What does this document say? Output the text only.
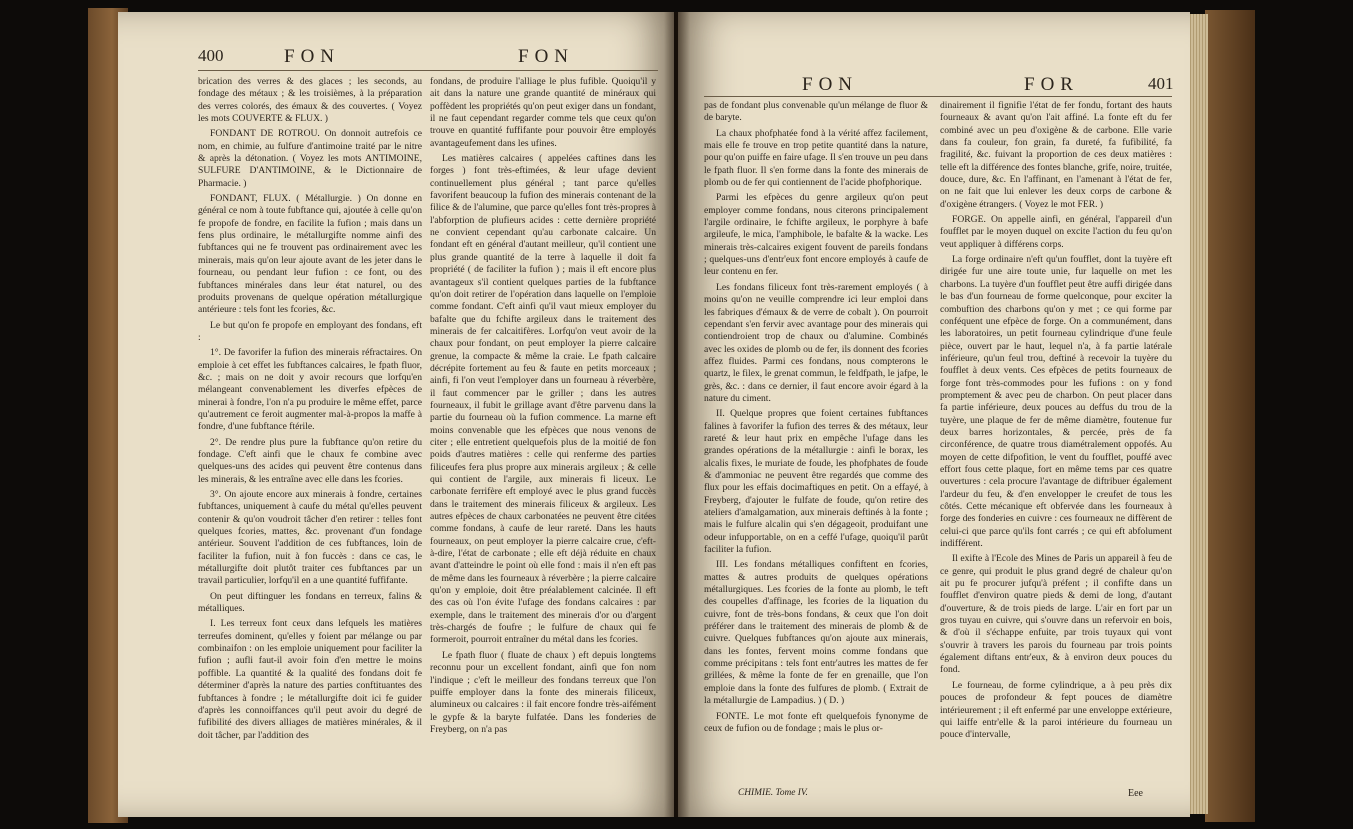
400	FON	FON

brication des verres & des glaces ; les seconds, au fondage des métaux ; & les troisièmes, à la préparation des verres colorés, des émaux & des couvertes. ( Voyez les mots COUVERTE & FLUX. )

FONDANT DE ROTROU. On donnoit autrefois ce nom, en chimie, au fulfure d'antimoine traité par le nitre & après la détonation. ( Voyez les mots ANTIMOINE, SULFURE D'ANTIMOINE, & le Dictionnaire de Pharmacie. )

FONDANT, FLUX. ( Métallurgie. ) On donne en général ce nom à toute fubftance qui, ajoutée à celle qu'on fe propofe de fondre, en facilite la fufion ; mais dans un fens plus ordinaire, le métallurgifte nomme ainfi des fubftances qui ne fe trouvent pas ordinairement avec les minerais, mais qu'on leur ajoute avant de les jeter dans le fourneau, ou pendant leur fufion : ce font, ou des fubftances minérales dans leur état naturel, ou des produits provenans de quelque opération métallurgique antérieure : tels font les fcories, &c.

Le but qu'on fe propofe en employant des fondans, eft :

1°. De favorifer la fufion des minerais réfractaires. On emploie à cet effet les fubftances calcaires, le fpath fluor, &c. ; mais on ne doit y avoir recours que lorfqu'en mélangeant convenablement les diverfes efpèces de minerai à fondre, l'on n'a pu produire le même effet, parce qu'autrement ce feroit augmenter mal-à-propos la maffe à fondre, d'une fubftance ftérile.

2°. De rendre plus pure la fubftance qu'on retire du fondage. C'eft ainfi que le chaux fe combine avec quelques-uns des acides qui peuvent être contenus dans les minerais, & les entraîne avec elle dans les fcories.

3°. On ajoute encore aux minerais à fondre, certaines fubftances, uniquement à caufe du métal qu'elles peuvent contenir & qu'on voudroit tâcher d'en retirer : telles font quelques fcories, mattes, &c. provenant d'un fondage antérieur. Souvent l'addition de ces fubftances, loin de faciliter la fufion, nuit à fon fuccès : dans ce cas, le métallurgifte doit plutôt traiter ces fubftances par un travail particulier, lorfqu'il en a une quantité fuffifante.

On peut diftinguer les fondans en terreux, falins & métalliques.

I. Les terreux font ceux dans lefquels les matières terreufes dominent, qu'elles y foient par mélange ou par combinaifon : on les emploie uniquement pour faciliter la fufion ; aufli faut-il avoir foin d'en mettre le moins poffible. La quantité & la qualité des fondans doit fe déterminer d'après la nature des parties conftituantes des fubftances à fondre ; le métallurgifte doit ici fe guider d'après les connoiffances qu'il peut avoir du degré de fufibilité des divers alliages de matières minérales, & il doit tâcher, par l'addition des

fondans, de produire l'alliage le plus fufible. Quoiqu'il y ait dans la nature une grande quantité de minéraux qui poffèdent les propriétés qu'on peut exiger dans un fondant, il ne faut cependant regarder comme tels que ceux qu'on trouve en quantité fuffifante pour pouvoir être employés avantageufement dans les ufines.

Les matières calcaires ( appelées caftines dans les forges ) font très-eftimées, & leur ufage devient continuellement plus général ; tant parce qu'elles favorifent beaucoup la fufion des minerais contenant de la filice & de l'alumine, que parce qu'elles font très-propres à l'abforption de plufieurs acides : cette dernière propriété ne convient cependant qu'au carbonate calcaire. Un fondant eft en général d'autant meilleur, qu'il contient une plus grande quantité de la terre à laquelle il doit fa propriété ( de faciliter la fufion ) ; mais il eft encore plus avantageux s'il contient quelques parties de la fubftance qu'on doit retirer de l'opération dans laquelle on l'emploie comme fondant. C'eft ainfi qu'il vaut mieux employer du bafalte que du fchifte argileux dans le traitement des minerais de fer calcaitifères. Lorfqu'on veut avoir de la chaux pour fondant, on peut employer la pierre calcaire grenue, la compacte & même la craie. Le fpath calcaire décrépite fortement au feu & faute en petits morceaux ; ainfi, fi l'on veut l'employer dans un fourneau à réverbère, il faut commencer par le griller ; dans les autres fourneaux, il fubit le grillage avant d'être parvenu dans la partie du fourneau où la fufion commence. La marne eft moins convenable que les efpèces que nous venons de citer ; elle entretient quelquefois plus de la moitié de fon poids d'autres matières : celle qui renferme des parties filiceufes fera plus propre aux minerais argileux ; & celle qui contient de l'argile, aux minerais fi liceux. Le carbonate ferrifère eft employé avec le plus grand fuccès dans le traitement des minerais filiceux & argileux. Les autres efpèces de chaux carbonatées ne peuvent être citées comme fondans, à caufe de leur rareté. Dans les hauts fourneaux, on peut employer la pierre calcaire crue, c'eft-à-dire, l'état de carbonate ; elle eft déjà réduite en chaux avant d'atteindre le point où elle fond : mais il n'en eft pas de même dans les fourneaux à réverbère ; la pierre calcaire qu'on y emploie, doit être préalablement calcinée. Il eft des cas où l'on évite l'ufage des fondans calcaires : par exemple, dans le traitement des minerais d'or ou d'argent très-chargés de foufre ; le fulfure de chaux qui fe formeroit, pourroit entraîner du métal dans les fcories.

Le fpath fluor ( fluate de chaux ) eft depuis longtems reconnu pour un excellent fondant, ainfi que fon nom l'indique ; c'eft le meilleur des fondans terreux que l'on puiffe employer dans la fonte des minerais filiceux, alumineux ou calcaires : il fait encore fondre très-aifément le gypfe & la baryte fulfatée. Dans les fonderies de Freyberg, on n'a pas

FON	FOR	401

pas de fondant plus convenable qu'un mélange de fluor & de baryte.

La chaux phofphatée fond à la vérité affez facilement, mais elle fe trouve en trop petite quantité dans la nature, pour qu'on puiffe en faire ufage. Il s'en trouve un peu dans le fpath fluor. Il s'en forme dans la fonte des minerais de plomb ou de fer qui contiennent de l'acide phofphorique.

Parmi les efpèces du genre argileux qu'on peut employer comme fondans, nous citerons principalement l'argile ordinaire, le fchifte argileux, le porphyre à bafe argileufe, le mica, l'amphibole, le bafalte & la wacke. Les minerais très-calcaires exigent fouvent de pareils fondans ; quelques-uns d'entr'eux font encore employés à caufe de leur contenu en fer.

Les fondans filiceux font très-rarement employés ( à moins qu'on ne veuille comprendre ici leur emploi dans les fabriques d'émaux & de verre de cobalt ). On pourroit cependant s'en fervir avec avantage pour des minerais qui contiendroient trop de chaux ou d'alumine. Combinés avec les oxides de plomb ou de fer, ils donnent des fcories affez fluides. Parmi ces fondans, nous compterons le quartz, le filex, le grenat commun, le feldfpath, le jafpe, le grès, &c. : dans ce dernier, il faut encore avoir égard à la nature du ciment.

II. Quelque propres que foient certaines fubftances falines à favorifer la fufion des terres & des métaux, leur rareté & leur haut prix en empêche l'ufage dans les grandes opérations de la métallurgie : ainfi le borax, les alcalis fixes, le muriate de foude, les phofphates de foude & d'ammoniac ne peuvent être regardés que comme des flux pour les effais docimaftiques en petit. On a effayé, à Freyberg, d'ajouter le fulfate de foude, qu'on retire des ateliers d'amalgamation, aux minerais deftinés à la fonte ; mais le fulfure alcalin qui s'en dégageoit, produifant une odeur infupportable, on en a ceffé l'ufage, quoiqu'il parût faciliter la fufion.

III. Les fondans métalliques confiftent en fcories, mattes & autres produits de quelques opérations métallurgiques. Les fcories de la fonte au plomb, le teft des coupelles d'affinage, les fcories de la liquation du cuivre, font de très-bons fondans, & ceux que l'on doit préférer dans le traitement des minerais de plomb & de cuivre. Quelques fubftances qu'on ajoute aux minerais, dans les fontes, fervent moins comme fondans que comme précipitans : tels font entr'autres les mattes de fer grillées, & même la fonte de fer en grenaille, que l'on emploie dans la fonte des fulfures de plomb. ( Extrait de la métallurgie de Lampadius. ) ( D. )

FONTE. Le mot fonte eft quelquefois fynonyme de ceux de fufion ou de fondage ; mais le plus or-

dinairement il fignifie l'état de fer fondu, fortant des hauts fourneaux & avant qu'on l'ait affiné. La fonte eft du fer combiné avec un peu d'oxigène & de carbone. Elle varie dans fa couleur, fon grain, fa dureté, fa fufibilité, fa fragilité, &c. fuivant la proportion de ces deux matières : telle eft la différence des fontes blanche, grife, noire, truitée, douce, dure, &c. En l'affinant, en l'amenant à l'état de fer, on ne fait que lui enlever les deux corps de carbone & d'oxigène étrangers. ( Voyez le mot FER. )

FORGE. On appelle ainfi, en général, l'appareil d'un foufflet par le moyen duquel on excite l'action du feu qu'on veut appliquer à différens corps.

La forge ordinaire n'eft qu'un foufflet, dont la tuyère eft dirigée fur une aire toute unie, fur laquelle on met les charbons. La tuyère d'un foufflet peut être auffi dirigée dans le bas d'un fourneau de forme quelconque, pour exciter la combuftion des charbons qu'on y met ; ce qui forme par conféquent une efpèce de forge. On a communément, dans les laboratoires, un petit fourneau cylindrique d'une feule pièce, ouvert par le haut, lequel n'a, à fa partie latérale inférieure, qu'un feul trou, deftiné à recevoir la tuyère du foufflet à deux vents. Ces efpèces de petits fourneaux de forge font très-commodes pour les fufions : on y fond promptement & avec peu de charbon. On peut placer dans fa partie inférieure, deux pouces au deffus du trou de la tuyère, une plaque de fer de même diamètre, foutenue fur deux barres horizontales, & percée, près de fa circonférence, de quatre trous diamétralement oppofés. Au moyen de cette difpofition, le vent du foufflet, pouffé avec effort fous cette plaque, fort en même tems par ces quatre ouvertures : cela procure l'avantage de diftribuer également l'ardeur du feu, & d'en envelopper le creufet de tous les côtés. Cette mécanique eft obfervée dans les fourneaux à forge des fonderies en cuivre : ces fourneaux ne diffèrent de celui-ci que parce qu'ils font carrés ; ce qui eft abfolument indifférent.

Il exifte à l'Ecole des Mines de Paris un appareil à feu de ce genre, qui produit le plus grand degré de chaleur qu'on ait pu fe procurer jufqu'à préfent ; il confifte dans un foufflet d'environ quatre pieds & demi de long, d'autant d'ouverture, & de trois pieds de large. L'air en fort par un gros tuyau en cuivre, qui s'ouvre dans un refervoir en bois, & d'où il s'échappe enfuite, par trois tuyaux qui vont s'ouvrir à travers les parois du fourneau par trois points également diftans entr'eux, & à environ deux pouces du fond.

Le fourneau, de forme cylindrique, a à peu près dix pouces de profondeur & fept pouces de diamètre intérieurement ; il eft enfermé par une enveloppe extérieure, qui laiffe entr'elle & la paroi intérieure du fourneau un pouce d'intervalle,

CHIMIE. Tome IV.	Eee
